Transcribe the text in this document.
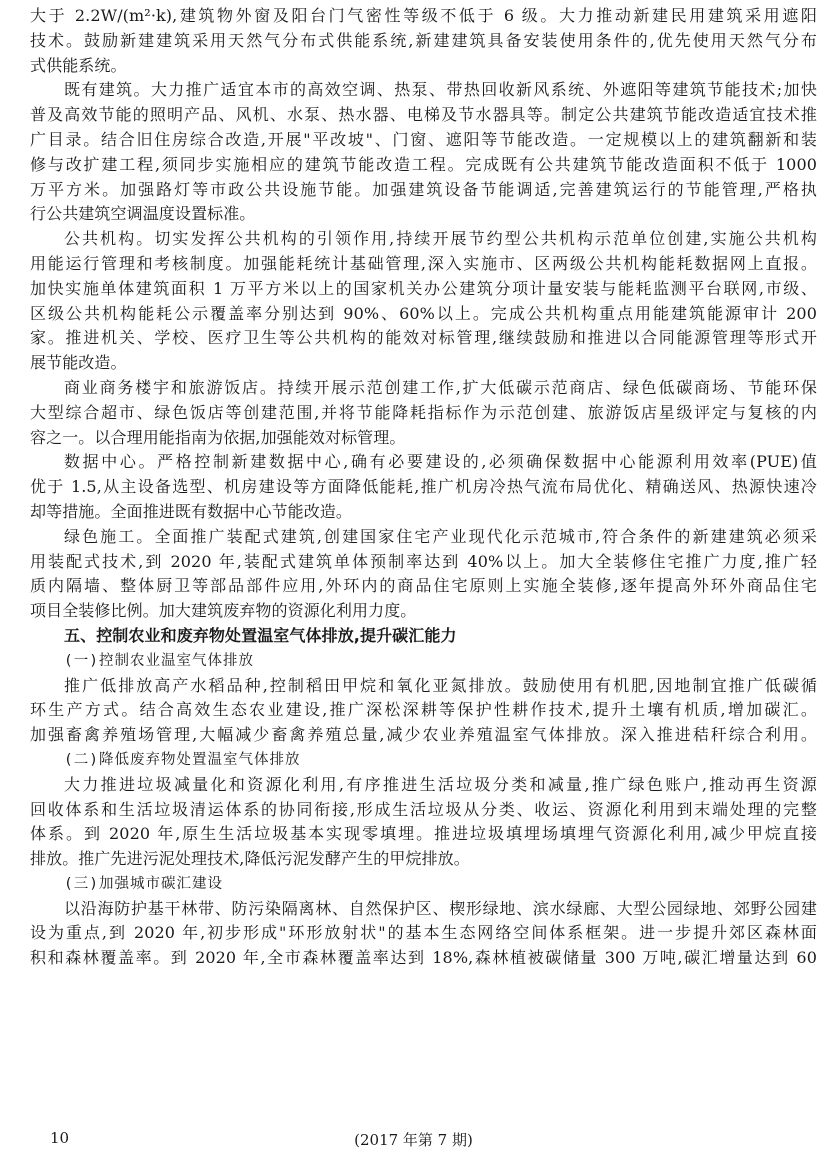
大于 2.2W/(m²·k),建筑物外窗及阳台门气密性等级不低于 6 级。大力推动新建民用建筑采用遮阳
技术。鼓励新建建筑采用天然气分布式供能系统,新建建筑具备安装使用条件的,优先使用天然气分布
式供能系统。
既有建筑。大力推广适宜本市的高效空调、热泵、带热回收新风系统、外遮阳等建筑节能技术;加快
普及高效节能的照明产品、风机、水泵、热水器、电梯及节水器具等。制定公共建筑节能改造适宜技术推
广目录。结合旧住房综合改造,开展"平改坡"、门窗、遮阳等节能改造。一定规模以上的建筑翻新和装
修与改扩建工程,须同步实施相应的建筑节能改造工程。完成既有公共建筑节能改造面积不低于 1000
万平方米。加强路灯等市政公共设施节能。加强建筑设备节能调适,完善建筑运行的节能管理,严格执
行公共建筑空调温度设置标准。
公共机构。切实发挥公共机构的引领作用,持续开展节约型公共机构示范单位创建,实施公共机构
用能运行管理和考核制度。加强能耗统计基础管理,深入实施市、区两级公共机构能耗数据网上直报。
加快实施单体建筑面积 1 万平方米以上的国家机关办公建筑分项计量安装与能耗监测平台联网,市级、
区级公共机构能耗公示覆盖率分别达到 90%、60%以上。完成公共机构重点用能建筑能源审计 200
家。推进机关、学校、医疗卫生等公共机构的能效对标管理,继续鼓励和推进以合同能源管理等形式开
展节能改造。
商业商务楼宇和旅游饭店。持续开展示范创建工作,扩大低碳示范商店、绿色低碳商场、节能环保
大型综合超市、绿色饭店等创建范围,并将节能降耗指标作为示范创建、旅游饭店星级评定与复核的内
容之一。以合理用能指南为依据,加强能效对标管理。
数据中心。严格控制新建数据中心,确有必要建设的,必须确保数据中心能源利用效率(PUE)值
优于 1.5,从主设备选型、机房建设等方面降低能耗,推广机房冷热气流布局优化、精确送风、热源快速冷
却等措施。全面推进既有数据中心节能改造。
绿色施工。全面推广装配式建筑,创建国家住宅产业现代化示范城市,符合条件的新建建筑必须采
用装配式技术,到 2020 年,装配式建筑单体预制率达到 40%以上。加大全装修住宅推广力度,推广轻
质内隔墙、整体厨卫等部品部件应用,外环内的商品住宅原则上实施全装修,逐年提高外环外商品住宅
项目全装修比例。加大建筑废弃物的资源化利用力度。
五、控制农业和废弃物处置温室气体排放,提升碳汇能力
(一)控制农业温室气体排放
推广低排放高产水稻品种,控制稻田甲烷和氧化亚氮排放。鼓励使用有机肥,因地制宜推广低碳循
环生产方式。结合高效生态农业建设,推广深松深耕等保护性耕作技术,提升土壤有机质,增加碳汇。
加强畜禽养殖场管理,大幅减少畜禽养殖总量,减少农业养殖温室气体排放。深入推进秸秆综合利用。
(二)降低废弃物处置温室气体排放
大力推进垃圾减量化和资源化利用,有序推进生活垃圾分类和减量,推广绿色账户,推动再生资源
回收体系和生活垃圾清运体系的协同衔接,形成生活垃圾从分类、收运、资源化利用到末端处理的完整
体系。到 2020 年,原生生活垃圾基本实现零填埋。推进垃圾填埋场填埋气资源化利用,减少甲烷直接
排放。推广先进污泥处理技术,降低污泥发酵产生的甲烷排放。
(三)加强城市碳汇建设
以沿海防护基干林带、防污染隔离林、自然保护区、楔形绿地、滨水绿廊、大型公园绿地、郊野公园建
设为重点,到 2020 年,初步形成"环形放射状"的基本生态网络空间体系框架。进一步提升郊区森林面
积和森林覆盖率。到 2020 年,全市森林覆盖率达到 18%,森林植被碳储量 300 万吨,碳汇增量达到 60
10	(2017 年第 7 期)
